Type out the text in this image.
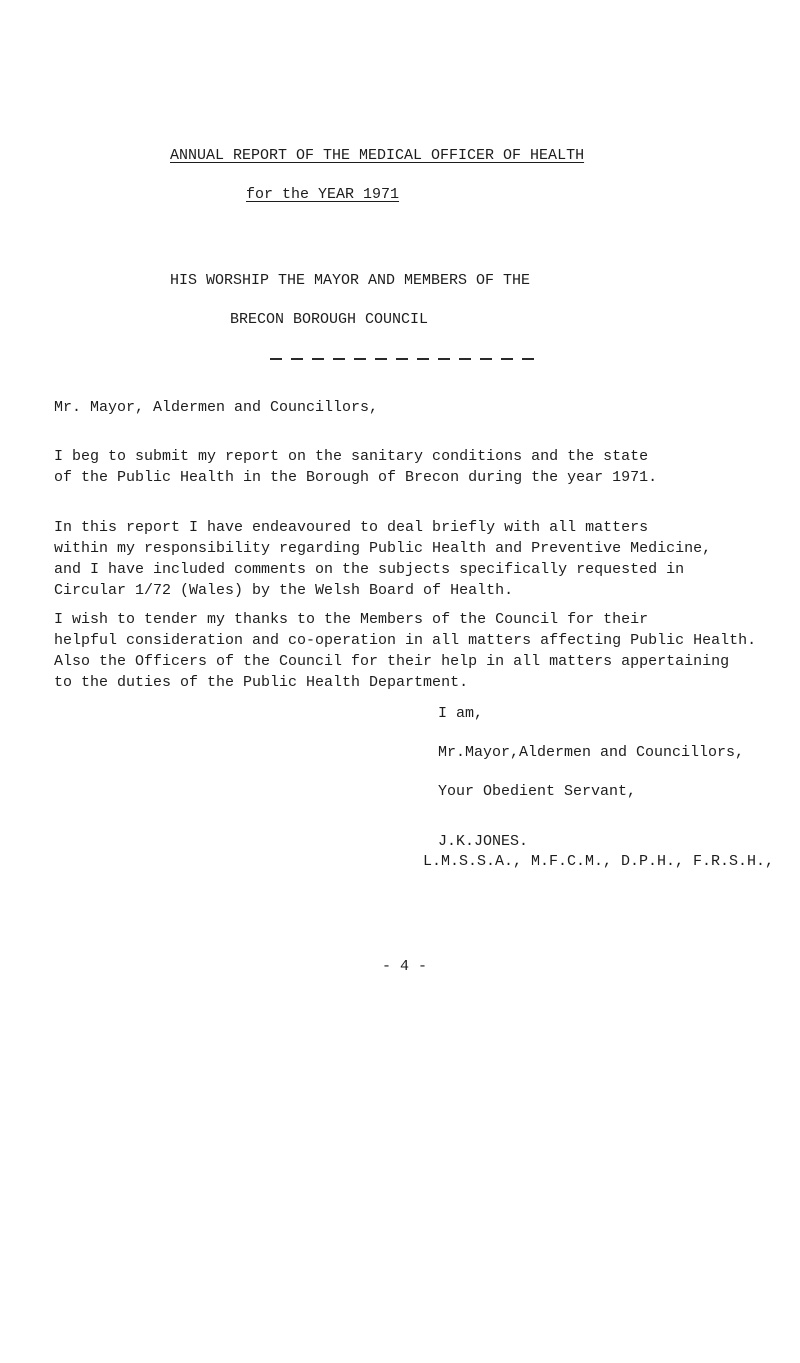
ANNUAL REPORT OF THE MEDICAL OFFICER OF HEALTH
for the YEAR 1971
HIS WORSHIP THE MAYOR AND MEMBERS OF THE
BRECON BOROUGH COUNCIL
Mr. Mayor, Aldermen and Councillors,

I beg to submit my report on the sanitary conditions and the state
of the Public Health in the Borough of Brecon during the year 1971.

In this report I have endeavoured to deal briefly with all matters
within my responsibility regarding Public Health and Preventive Medicine,
and I have included comments on the subjects specifically requested in
Circular 1/72 (Wales) by the Welsh Board of Health.

I wish to tender my thanks to the Members of the Council for their
helpful consideration and co-operation in all matters affecting Public Health.
Also the Officers of the Council for their help in all matters appertaining
to the duties of the Public Health Department.

I am,
Mr.Mayor,Aldermen and Councillors,
Your Obedient Servant,
J.K.JONES.
L.M.S.S.A., M.F.C.M., D.P.H., F.R.S.H.,
- 4 -
